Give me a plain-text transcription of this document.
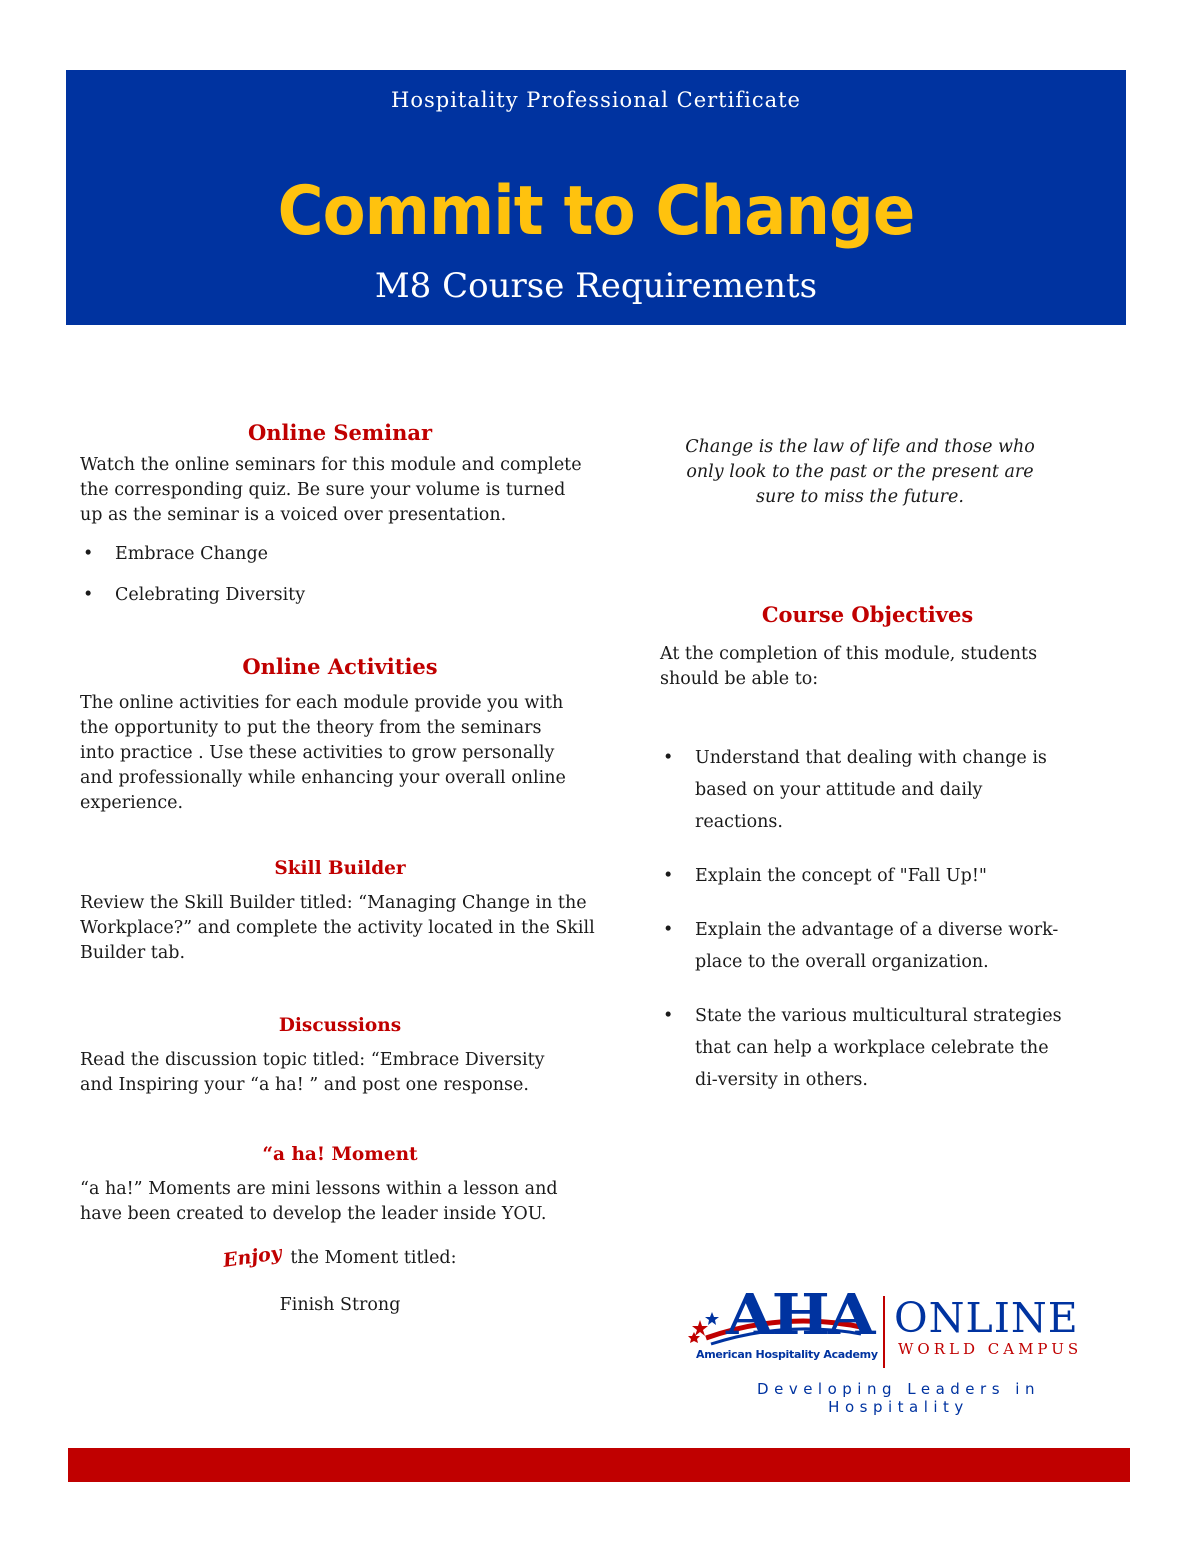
Hospitality Professional Certificate
Commit to Change
M8 Course Requirements
Online Seminar

Watch the online seminars for this module and complete the corresponding quiz. Be sure your volume is turned up as the seminar is a voiced over presentation.

• Embrace Change
• Celebrating Diversity
Online Activities

The online activities for each module provide you with the opportunity to put the theory from the seminars into practice . Use these activities to grow personally and professionally while enhancing your overall online experience.

Skill Builder

Review the Skill Builder titled: “Managing Change in the Workplace?” and complete the activity located in the Skill Builder tab.

Discussions

Read the discussion topic titled: “Embrace Diversity and Inspiring your “a ha! ” and post one response.

“a ha! Moment

“a ha!” Moments are mini lessons within a lesson and have been created to develop the leader inside YOU.

Enjoy the Moment titled:
Finish Strong
Change is the law of life and those who
only look to the past or the present are
sure to miss the future.
Course Objectives

At the completion of this module, students should be able to:

• Understand that dealing with change is based on your attitude and daily reactions.
• Explain the concept of "Fall Up!"
• Explain the advantage of a diverse work-place to the overall organization.
• State the various multicultural strategies that can help a workplace celebrate the di-versity in others.
AHA
American Hospitality Academy
ONLINE
WORLD CAMPUS
Developing Leaders in Hospitality
